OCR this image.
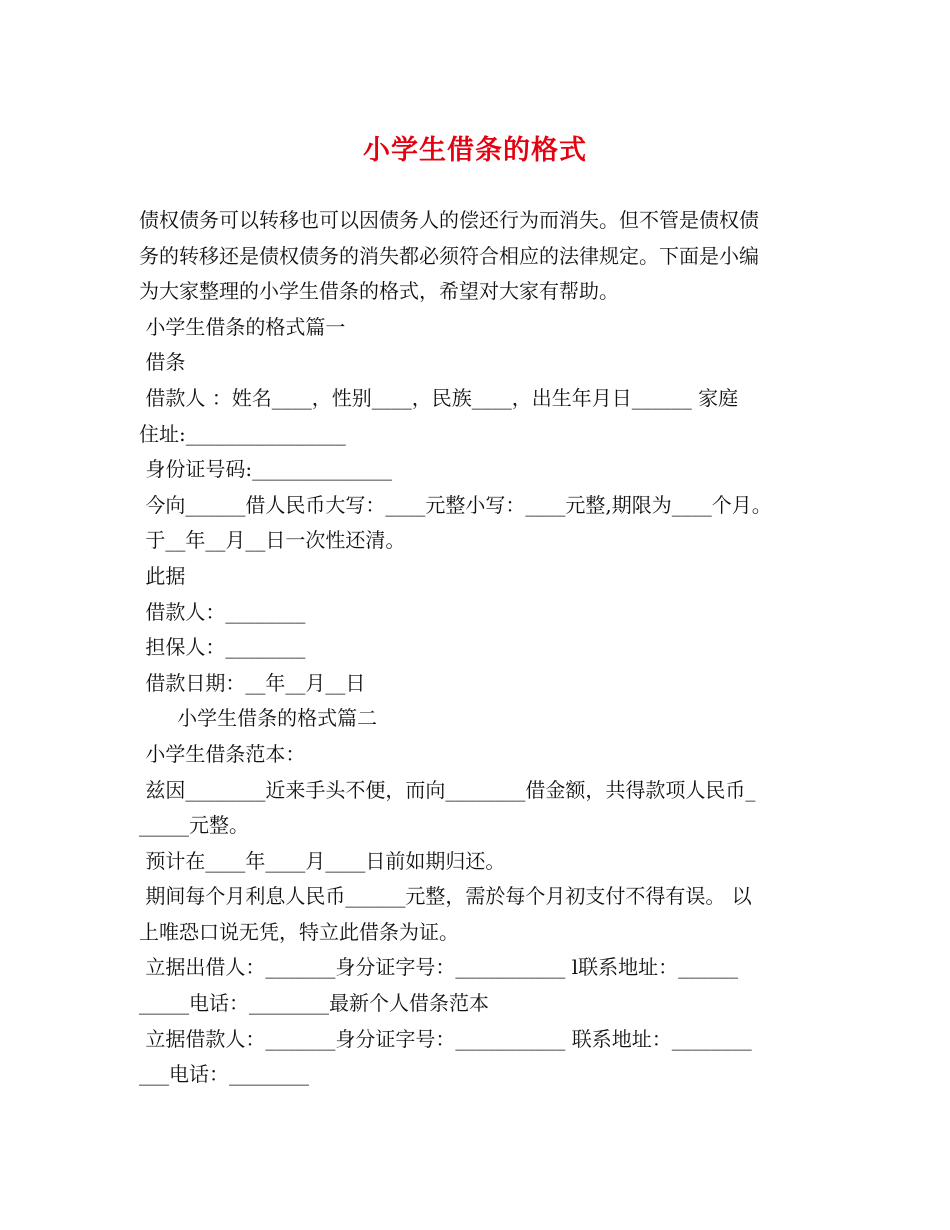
小学生借条的格式
债权债务可以转移也可以因债务人的偿还行为而消失。但不管是债权债
务的转移还是债权债务的消失都必须符合相应的法律规定。下面是小编
为大家整理的小学生借条的格式，希望对大家有帮助。
小学生借条的格式篇一
借条
借款人 ：姓名____，性别____，民族____，出生年月日______ 家庭
住址:________________
身份证号码:______________
今向______借人民币大写：____元整小写：____元整,期限为____个月。
于__年__月__日一次性还清。
此据
借款人：________
担保人：________
借款日期：__年__月__日
小学生借条的格式篇二
小学生借条范本：
兹因________近来手头不便，而向________借金额，共得款项人民币_
_____元整。
预计在____年____月____日前如期归还。
期间每个月利息人民币______元整，需於每个月初支付不得有误。 以
上唯恐口说无凭，特立此借条为证。
立据出借人：_______身分证字号：___________ l联系地址：______
_____电话：________最新个人借条范本
立据借款人：_______身分证字号：___________ 联系地址：________
___电话：________
